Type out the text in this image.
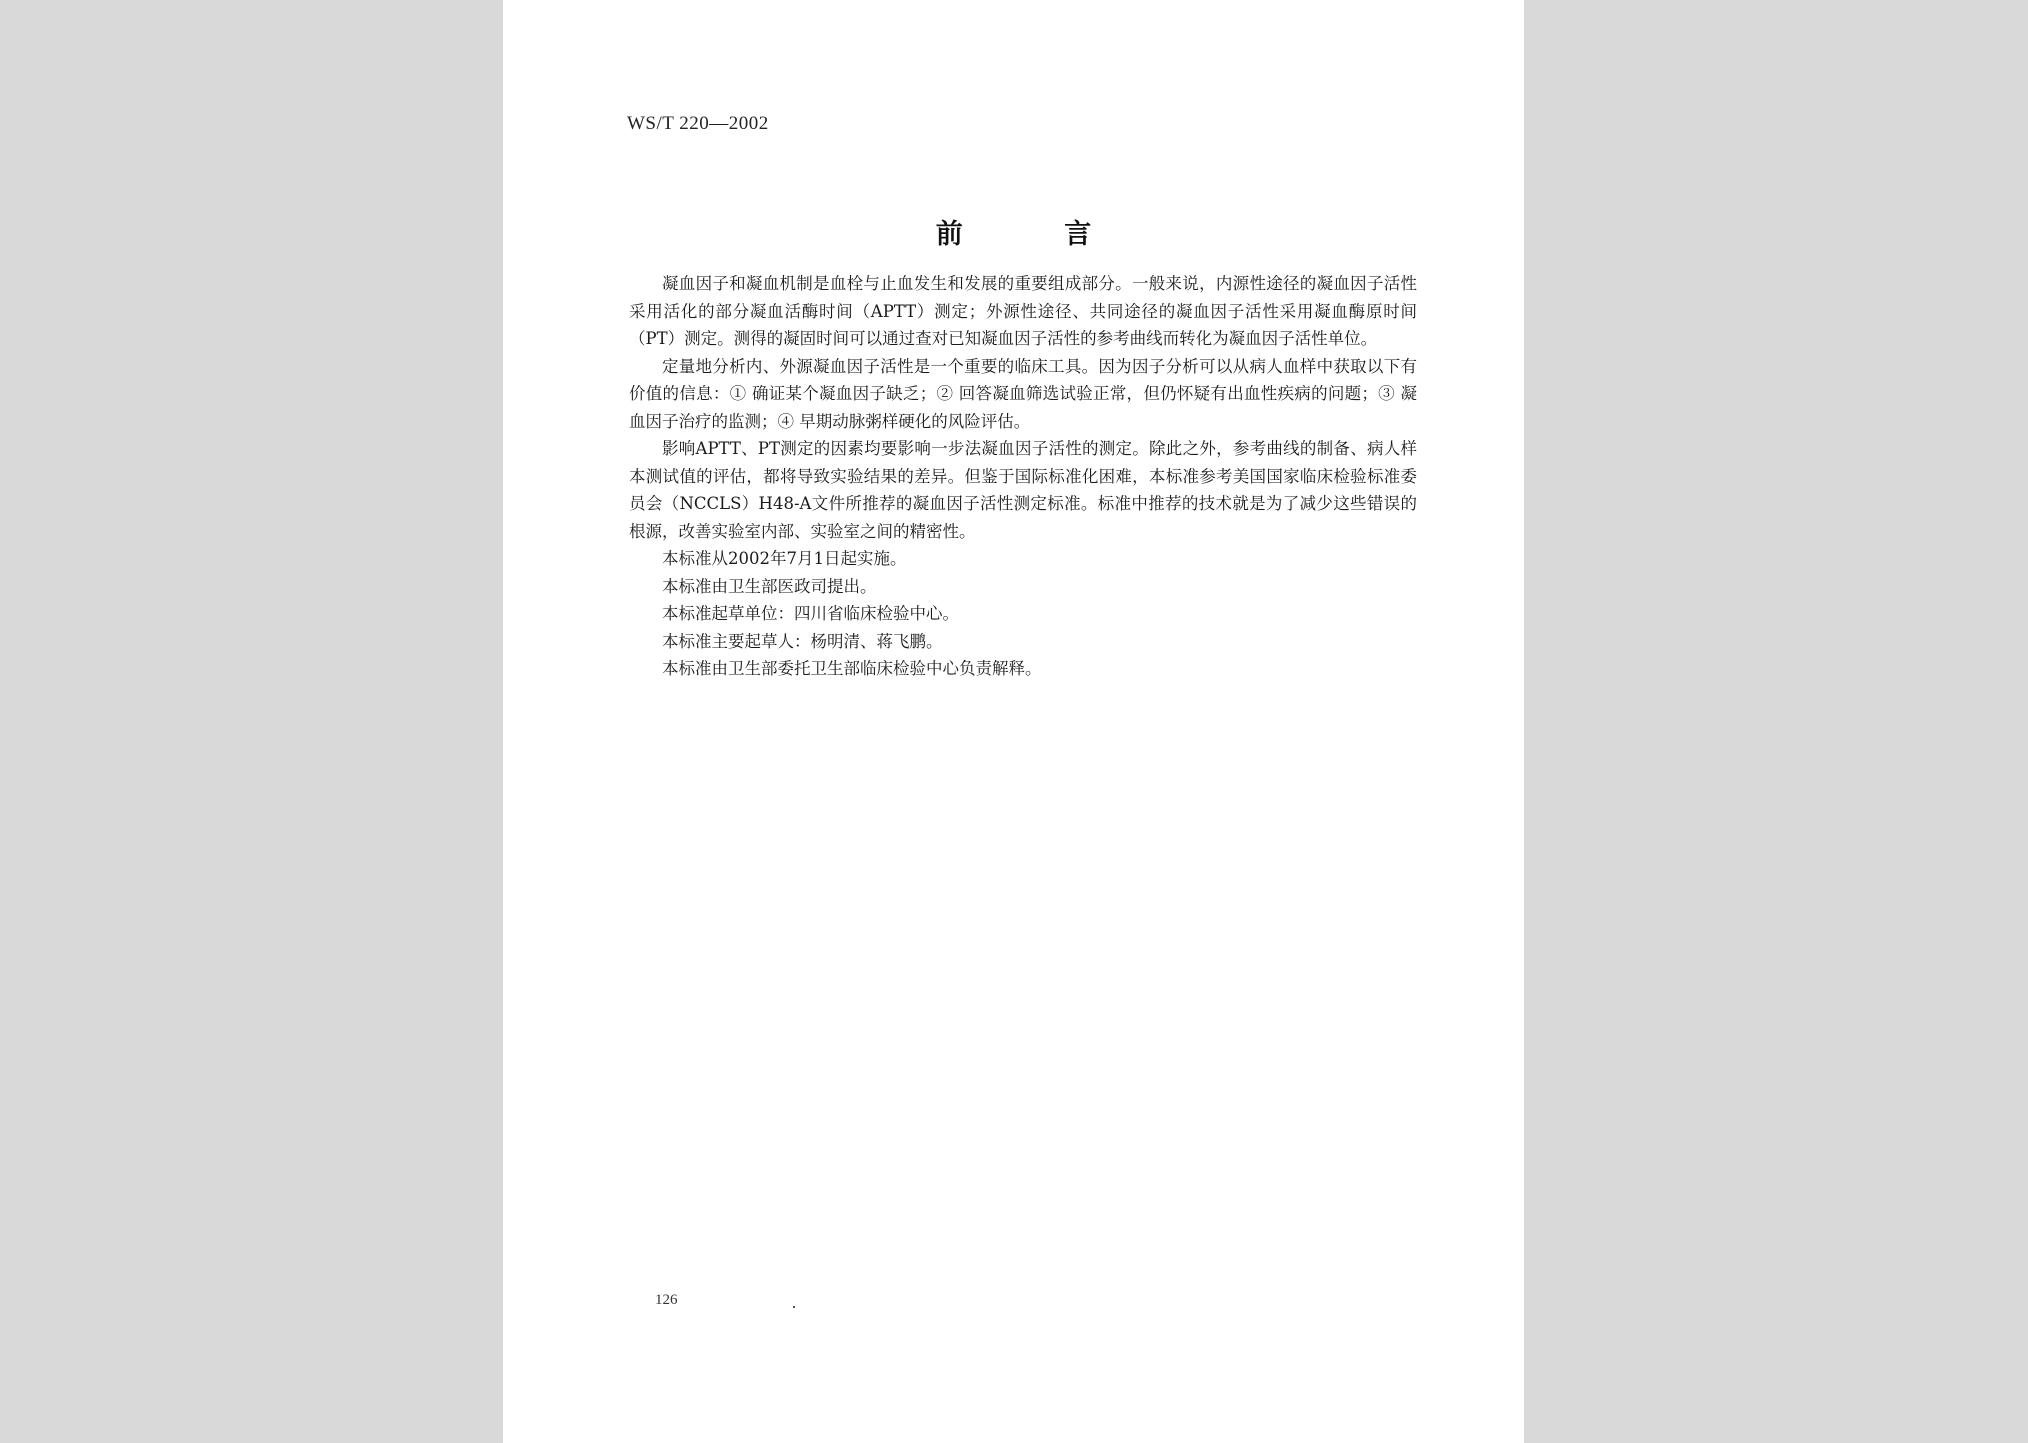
WS/T 220—2002
前 言

凝血因子和凝血机制是血栓与止血发生和发展的重要组成部分。一般来说，内源性途径的凝血因子活性采用活化的部分凝血活酶时间（APTT）测定；外源性途径、共同途径的凝血因子活性采用凝血酶原时间（PT）测定。测得的凝固时间可以通过查对已知凝血因子活性的参考曲线而转化为凝血因子活性单位。

定量地分析内、外源凝血因子活性是一个重要的临床工具。因为因子分析可以从病人血样中获取以下有价值的信息：① 确证某个凝血因子缺乏；② 回答凝血筛选试验正常，但仍怀疑有出血性疾病的问题；③ 凝血因子治疗的监测；④ 早期动脉粥样硬化的风险评估。

影响APTT、PT测定的因素均要影响一步法凝血因子活性的测定。除此之外，参考曲线的制备、病人样本测试值的评估，都将导致实验结果的差异。但鉴于国际标准化困难，本标准参考美国国家临床检验标准委员会（NCCLS）H48-A文件所推荐的凝血因子活性测定标准。标准中推荐的技术就是为了减少这些错误的根源，改善实验室内部、实验室之间的精密性。

本标准从2002年7月1日起实施。

本标准由卫生部医政司提出。

本标准起草单位：四川省临床检验中心。

本标准主要起草人：杨明清、蒋飞鹏。

本标准由卫生部委托卫生部临床检验中心负责解释。

126
